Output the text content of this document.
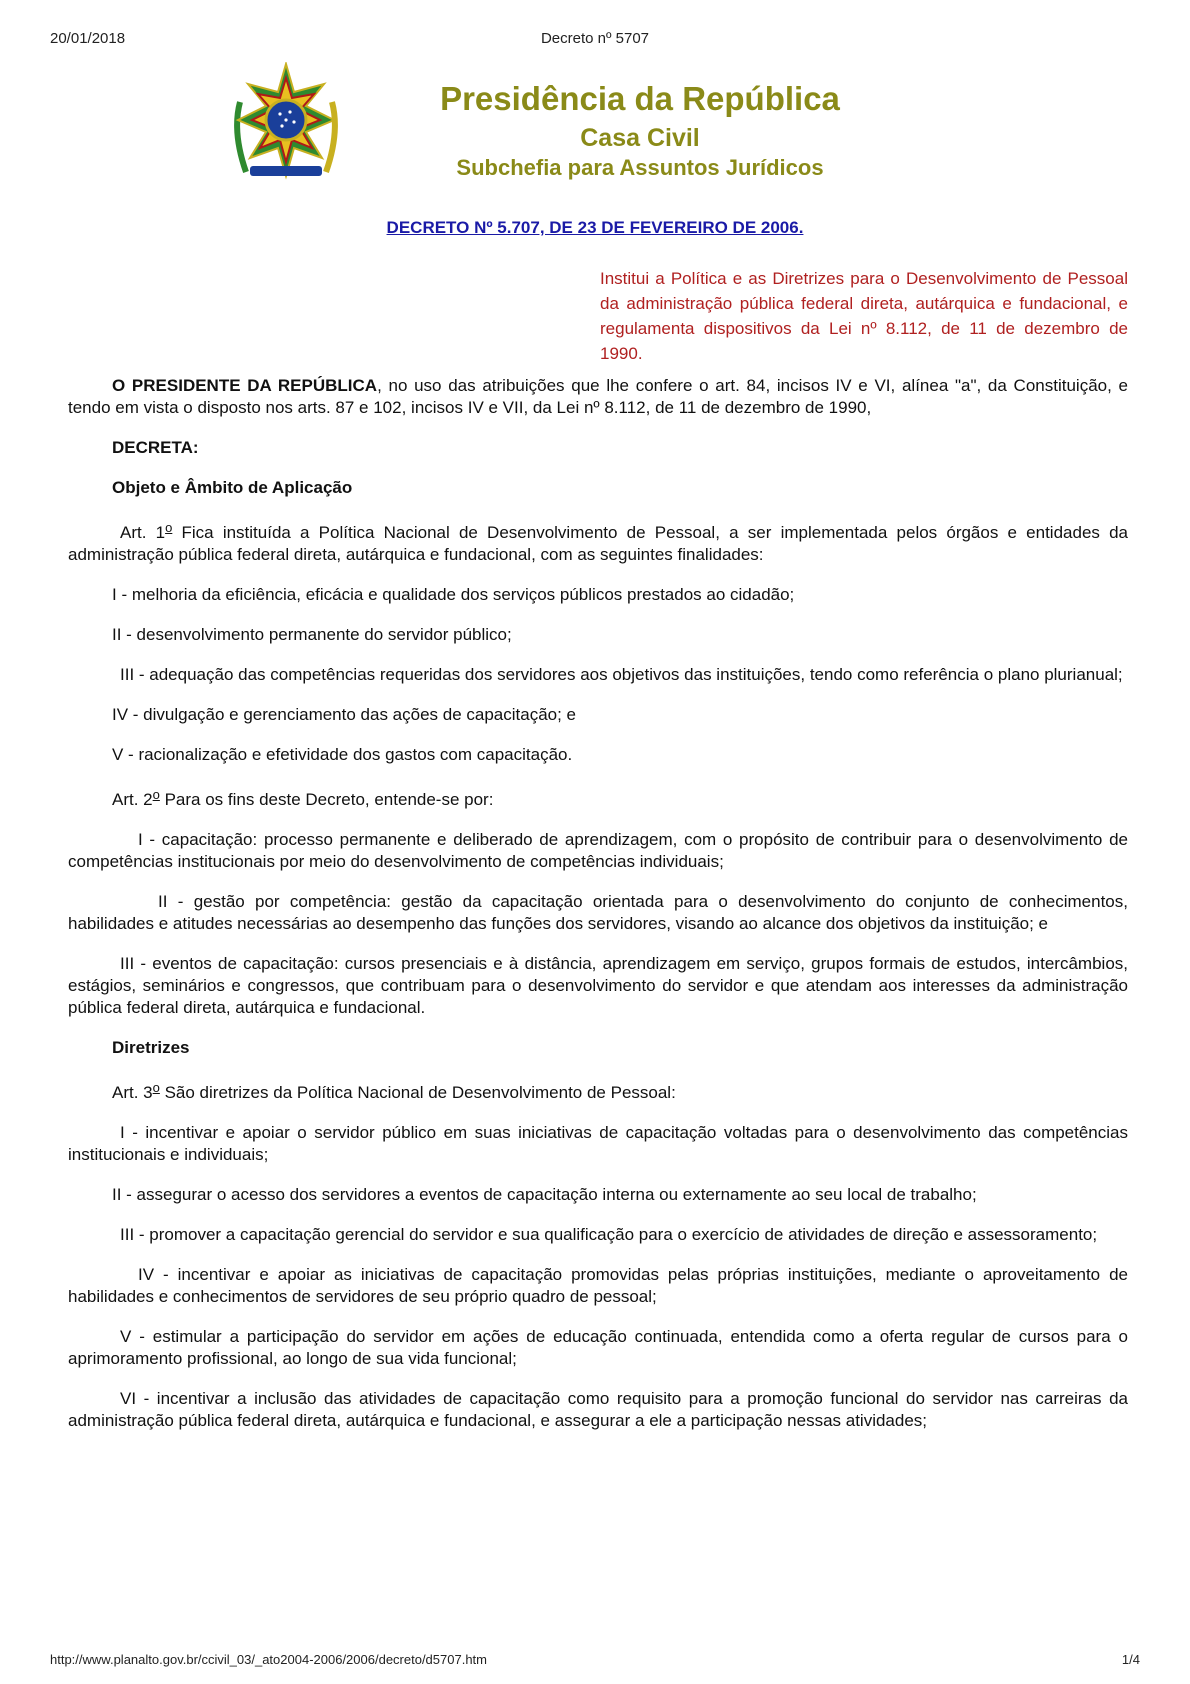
20/01/2018	Decreto nº 5707
Presidência da República
Casa Civil
Subchefia para Assuntos Jurídicos
DECRETO Nº 5.707, DE 23 DE FEVEREIRO DE 2006.
Institui a Política e as Diretrizes para o Desenvolvimento de Pessoal da administração pública federal direta, autárquica e fundacional, e regulamenta dispositivos da Lei nº 8.112, de 11 de dezembro de 1990.

O PRESIDENTE DA REPÚBLICA, no uso das atribuições que lhe confere o art. 84, incisos IV e VI, alínea "a", da Constituição, e tendo em vista o disposto nos arts. 87 e 102, incisos IV e VII, da Lei nº 8.112, de 11 de dezembro de 1990,

DECRETA:

Objeto e Âmbito de Aplicação

Art. 1$^o$ Fica instituída a Política Nacional de Desenvolvimento de Pessoal, a ser implementada pelos órgãos e entidades da administração pública federal direta, autárquica e fundacional, com as seguintes finalidades:

I - melhoria da eficiência, eficácia e qualidade dos serviços públicos prestados ao cidadão;

II - desenvolvimento permanente do servidor público;

III - adequação das competências requeridas dos servidores aos objetivos das instituições, tendo como referência o plano plurianual;

IV - divulgação e gerenciamento das ações de capacitação; e

V - racionalização e efetividade dos gastos com capacitação.

Art. 2$^o$ Para os fins deste Decreto, entende-se por:

I - capacitação: processo permanente e deliberado de aprendizagem, com o propósito de contribuir para o desenvolvimento de competências institucionais por meio do desenvolvimento de competências individuais;

II - gestão por competência: gestão da capacitação orientada para o desenvolvimento do conjunto de conhecimentos, habilidades e atitudes necessárias ao desempenho das funções dos servidores, visando ao alcance dos objetivos da instituição; e

III - eventos de capacitação: cursos presenciais e à distância, aprendizagem em serviço, grupos formais de estudos, intercâmbios, estágios, seminários e congressos, que contribuam para o desenvolvimento do servidor e que atendam aos interesses da administração pública federal direta, autárquica e fundacional.

Diretrizes

Art. 3$^o$ São diretrizes da Política Nacional de Desenvolvimento de Pessoal:

I - incentivar e apoiar o servidor público em suas iniciativas de capacitação voltadas para o desenvolvimento das competências institucionais e individuais;

II - assegurar o acesso dos servidores a eventos de capacitação interna ou externamente ao seu local de trabalho;

III - promover a capacitação gerencial do servidor e sua qualificação para o exercício de atividades de direção e assessoramento;

IV - incentivar e apoiar as iniciativas de capacitação promovidas pelas próprias instituições, mediante o aproveitamento de habilidades e conhecimentos de servidores de seu próprio quadro de pessoal;

V - estimular a participação do servidor em ações de educação continuada, entendida como a oferta regular de cursos para o aprimoramento profissional, ao longo de sua vida funcional;

VI - incentivar a inclusão das atividades de capacitação como requisito para a promoção funcional do servidor nas carreiras da administração pública federal direta, autárquica e fundacional, e assegurar a ele a participação nessas atividades;

http://www.planalto.gov.br/ccivil_03/_ato2004-2006/2006/decreto/d5707.htm	1/4
